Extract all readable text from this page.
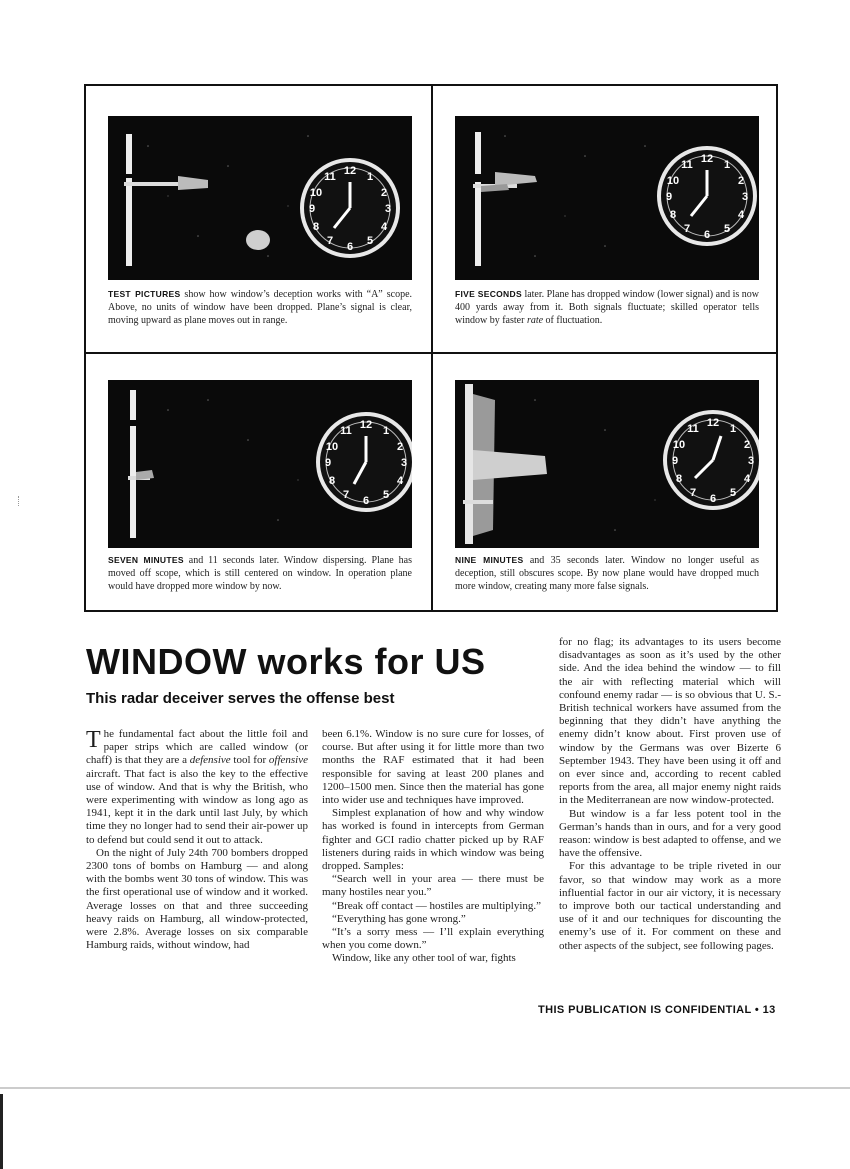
12 1
2
3
4
5
6
7
8
9
10
11
TEST PICTURES show how window’s deception works with “A” scope. Above, no units of window have been dropped. Plane’s signal is clear, moving upward as plane moves out in range.
12 1
2
3
4
5
6
7
8
9
10
11
FIVE SECONDS later. Plane has dropped window (lower signal) and is now 400 yards away from it. Both signals fluctuate; skilled operator tells window by faster rate of fluctuation.
12 1
2
3
4
5
6
7
8
9
10
11
SEVEN MINUTES and 11 seconds later. Window dispersing. Plane has moved off scope, which is still centered on window. In operation plane would have dropped more window by now.
12 1
2
3
4
5
6
7
8
9
10
11
NINE MINUTES and 35 seconds later. Window no longer useful as deception, still obscures scope. By now plane would have dropped much more window, creating many more false signals.
WINDOW works for US
This radar deceiver serves the offense best

The fundamental fact about the little foil and paper strips which are called window (or chaff) is that they are a defensive tool for offensive aircraft. That fact is also the key to the effective use of window. And that is why the British, who were experimenting with window as long ago as 1941, kept it in the dark until last July, by which time they no longer had to send their air-power up to defend but could send it out to attack.

On the night of July 24th 700 bombers dropped 2300 tons of bombs on Hamburg — and along with the bombs went 30 tons of window. This was the first operational use of window and it worked. Average losses on that and three succeeding heavy raids on Hamburg, all window-protected, were 2.8%. Average losses on six comparable Hamburg raids, without window, had

been 6.1%. Window is no sure cure for losses, of course. But after using it for little more than two months the RAF estimated that it had been responsible for saving at least 200 planes and 1200–1500 men. Since then the material has gone into wider use and techniques have improved.

Simplest explanation of how and why window has worked is found in intercepts from German fighter and GCI radio chatter picked up by RAF listeners during raids in which window was being dropped. Samples:

“Search well in your area — there must be many hostiles near you.”

“Break off contact — hostiles are multiplying.”

“Everything has gone wrong.”

“It’s a sorry mess — I’ll explain everything when you come down.”

Window, like any other tool of war, fights

for no flag; its advantages to its users become disadvantages as soon as it’s used by the other side. And the idea behind the window — to fill the air with reflecting material which will confound enemy radar — is so obvious that U. S.-British technical workers have assumed from the beginning that they didn’t have anything the enemy didn’t know about. First proven use of window by the Germans was over Bizerte 6 September 1943. They have been using it off and on ever since and, according to recent cabled reports from the area, all major enemy night raids in the Mediterranean are now window-protected.

But window is a far less potent tool in the German’s hands than in ours, and for a very good reason: window is best adapted to offense, and we have the offensive.

For this advantage to be triple riveted in our favor, so that window may work as a more influential factor in our air victory, it is necessary to improve both our tactical understanding and use of it and our techniques for discounting the enemy’s use of it. For comment on these and other aspects of the subject, see following pages.

THIS PUBLICATION IS CONFIDENTIAL • 13
